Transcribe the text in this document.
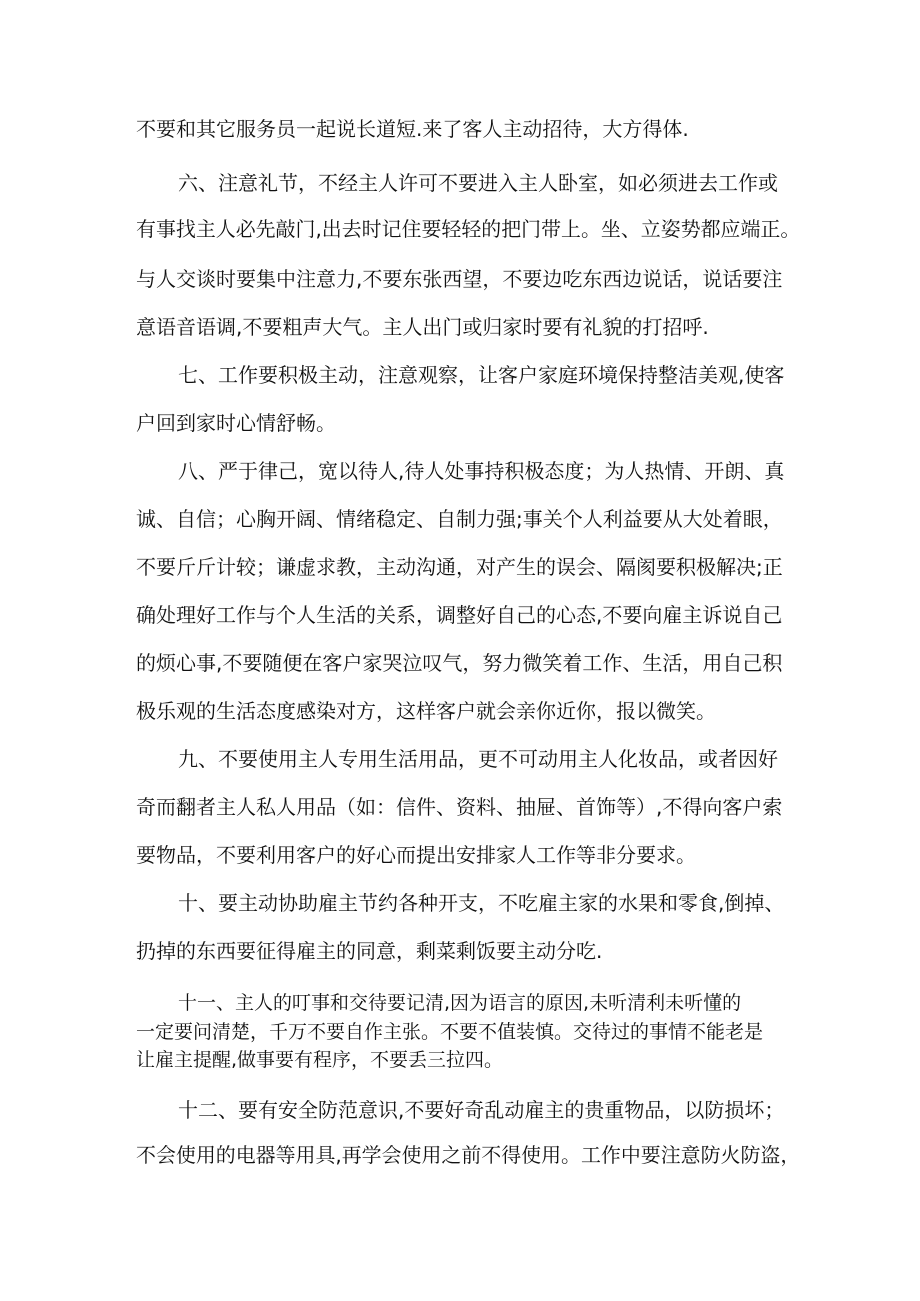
不要和其它服务员一起说长道短.来了客人主动招待，大方得体.
六、注意礼节，不经主人许可不要进入主人卧室，如必须进去工作或
有事找主人必先敲门,出去时记住要轻轻的把门带上。坐、立姿势都应端正。
与人交谈时要集中注意力,不要东张西望，不要边吃东西边说话，说话要注
意语音语调,不要粗声大气。主人出门或归家时要有礼貌的打招呼.
七、工作要积极主动，注意观察，让客户家庭环境保持整洁美观,使客
户回到家时心情舒畅。
八、严于律己，宽以待人,待人处事持积极态度；为人热情、开朗、真
诚、自信；心胸开阔、情绪稳定、自制力强;事关个人利益要从大处着眼，
不要斤斤计较；谦虚求教，主动沟通，对产生的误会、隔阂要积极解决;正
确处理好工作与个人生活的关系，调整好自己的心态,不要向雇主诉说自己
的烦心事,不要随便在客户家哭泣叹气，努力微笑着工作、生活，用自己积
极乐观的生活态度感染对方，这样客户就会亲你近你，报以微笑。
九、不要使用主人专用生活用品，更不可动用主人化妆品，或者因好
奇而翻者主人私人用品（如：信件、资料、抽屉、首饰等）,不得向客户索
要物品，不要利用客户的好心而提出安排家人工作等非分要求。
十、要主动协助雇主节约各种开支，不吃雇主家的水果和零食,倒掉、
扔掉的东西要征得雇主的同意，剩菜剩饭要主动分吃.
十一、主人的叮事和交待要记清,因为语言的原因,未听清利未听懂的
一定要问清楚，千万不要自作主张。不要不值装慎。交待过的事情不能老是
让雇主提醒,做事要有程序，不要丢三拉四。
十二、要有安全防范意识,不要好奇乱动雇主的贵重物品，以防损坏；
不会使用的电器等用具,再学会使用之前不得使用。工作中要注意防火防盗，
